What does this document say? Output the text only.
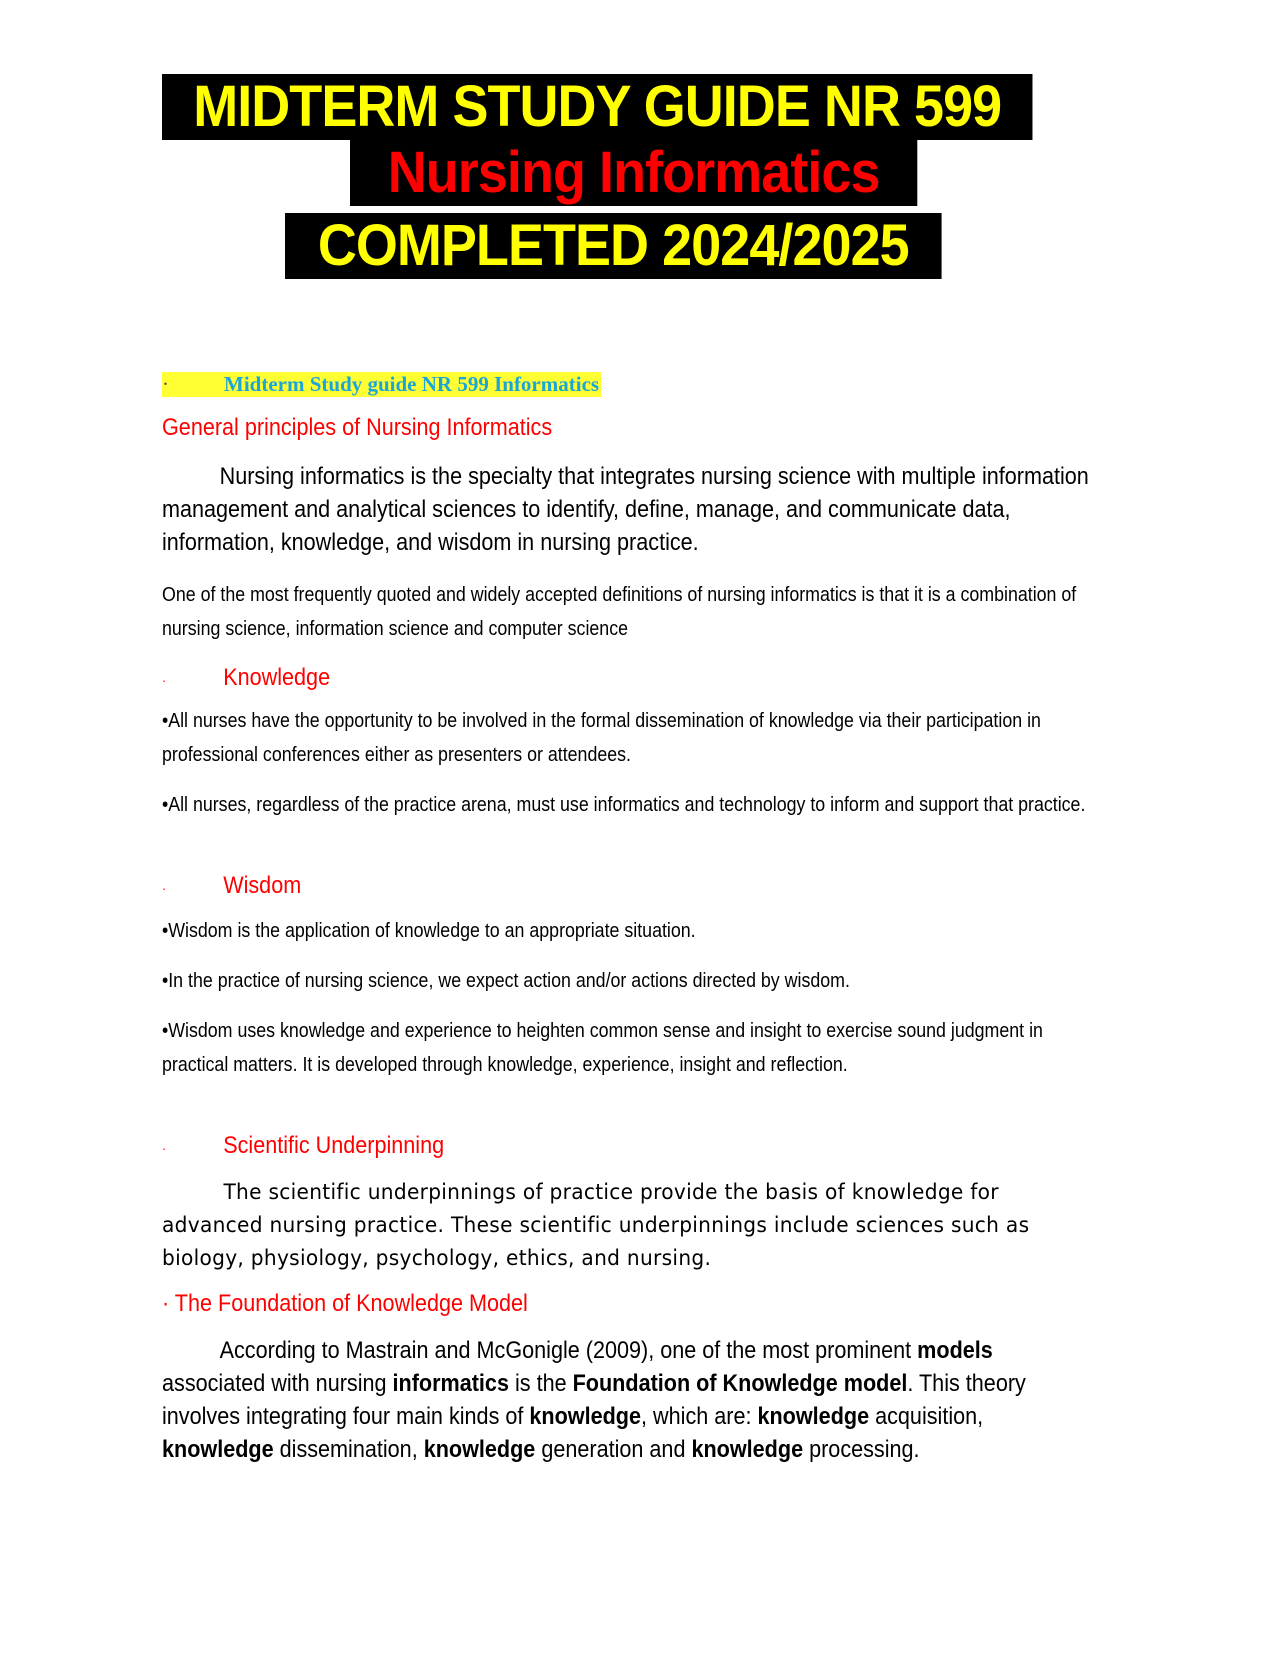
MIDTERM STUDY GUIDE NR 599
Nursing Informatics
COMPLETED 2024/2025
·	Midterm Study guide NR 599 Informatics
General principles of Nursing Informatics
Nursing informatics is the specialty that integrates nursing science with multiple information management and analytical sciences to identify, define, manage, and communicate data, information, knowledge, and wisdom in nursing practice.
One of the most frequently quoted and widely accepted definitions of nursing informatics is that it is a combination of nursing science, information science and computer science
· Knowledge
•All nurses have the opportunity to be involved in the formal dissemination of knowledge via their participation in professional conferences either as presenters or attendees.
•All nurses, regardless of the practice arena, must use informatics and technology to inform and support that practice.
· Wisdom
•Wisdom is the application of knowledge to an appropriate situation.
•In the practice of nursing science, we expect action and/or actions directed by wisdom.
•Wisdom uses knowledge and experience to heighten common sense and insight to exercise sound judgment in practical matters. It is developed through knowledge, experience, insight and reflection.
· Scientific Underpinning
The scientific underpinnings of practice provide the basis of knowledge for advanced nursing practice. These scientific underpinnings include sciences such as biology, physiology, psychology, ethics, and nursing.
· The Foundation of Knowledge Model
According to Mastrain and McGonigle (2009), one of the most prominent models associated with nursing informatics is the Foundation of Knowledge model. This theory involves integrating four main kinds of knowledge, which are: knowledge acquisition, knowledge dissemination, knowledge generation and knowledge processing.
